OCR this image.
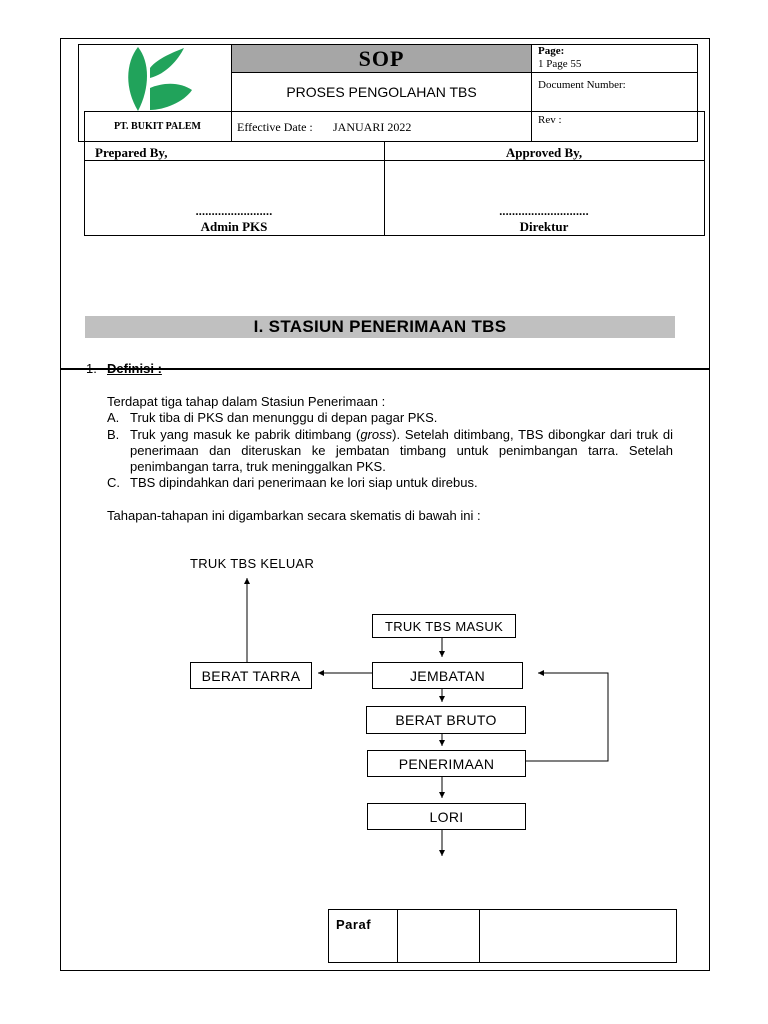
SOP
PT. BUKIT PALEM
PROSES PENGOLAHAN TBS
Effective Date : JANUARI 2022
Page:
1 Page 55
Document Number:
Rev :
Prepared By,	Approved By,
........................	............................
Admin PKS	Direktur
I. STASIUN PENERIMAAN TBS
1. Definisi :
Terdapat tiga tahap dalam Stasiun Penerimaan :
A. Truk tiba di PKS dan menunggu di depan pagar PKS.
B. Truk yang masuk ke pabrik ditimbang (gross). Setelah ditimbang, TBS dibongkar dari truk di penerimaan dan diteruskan ke jembatan timbang untuk penimbangan tarra. Setelah penimbangan tarra, truk meninggalkan PKS.
C. TBS dipindahkan dari penerimaan ke lori siap untuk direbus.
Tahapan-tahapan ini digambarkan secara skematis di bawah ini :
TRUK TBS KELUAR
TRUK TBS MASUK
JEMBATAN
BERAT TARRA
BERAT BRUTO
PENERIMAAN
LORI
Paraf
